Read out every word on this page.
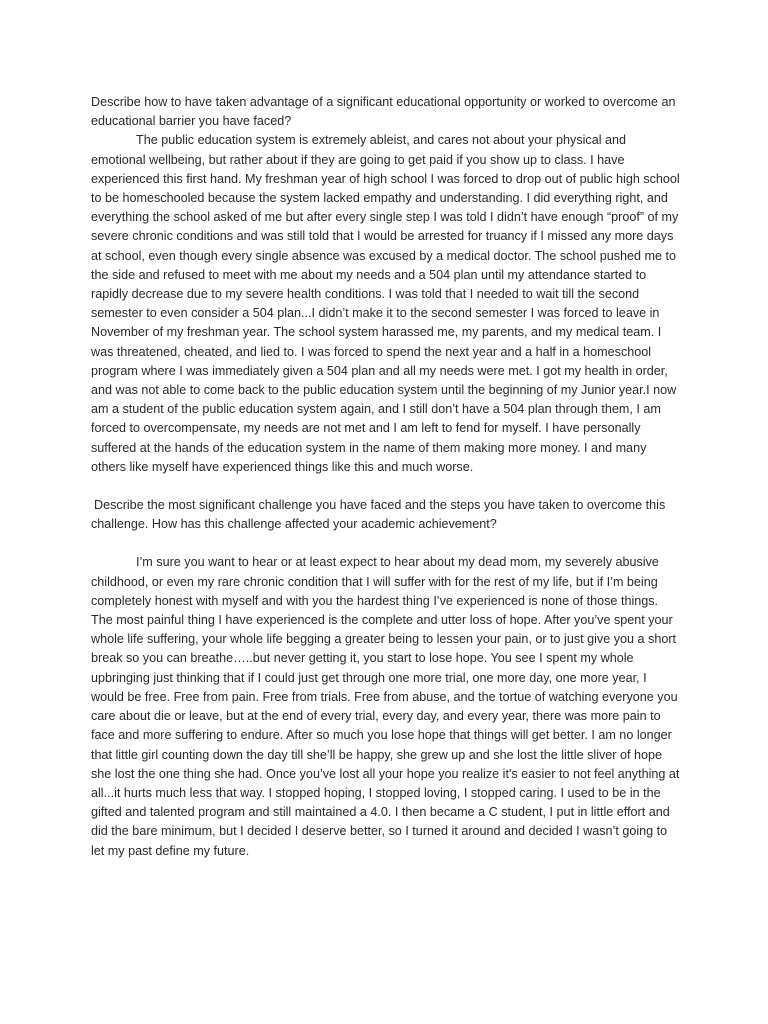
Describe how to have taken advantage of a significant educational opportunity or worked to overcome an educational barrier you have faced?

The public education system is extremely ableist, and cares not about your physical and emotional wellbeing, but rather about if they are going to get paid if you show up to class. I have experienced this first hand. My freshman year of high school I was forced to drop out of public high school to be homeschooled because the system lacked empathy and understanding. I did everything right, and everything the school asked of me but after every single step I was told I didn’t have enough “proof” of my severe chronic conditions and was still told that I would be arrested for truancy if I missed any more days at school, even though every single absence was excused by a medical doctor. The school pushed me to the side and refused to meet with me about my needs and a 504 plan until my attendance started to rapidly decrease due to my severe health conditions. I was told that I needed to wait till the second semester to even consider a 504 plan...I didn’t make it to the second semester I was forced to leave in November of my freshman year. The school system harassed me, my parents, and my medical team. I was threatened, cheated, and lied to. I was forced to spend the next year and a half in a homeschool program where I was immediately given a 504 plan and all my needs were met. I got my health in order, and was not able to come back to the public education system until the beginning of my Junior year.I now am a student of the public education system again, and I still don’t have a 504 plan through them, I am forced to overcompensate, my needs are not met and I am left to fend for myself. I have personally suffered at the hands of the education system in the name of them making more money. I and many others like myself have experienced things like this and much worse.

Describe the most significant challenge you have faced and the steps you have taken to overcome this challenge. How has this challenge affected your academic achievement?

I’m sure you want to hear or at least expect to hear about my dead mom, my severely abusive childhood, or even my rare chronic condition that I will suffer with for the rest of my life, but if I’m being completely honest with myself and with you the hardest thing I’ve experienced is none of those things. The most painful thing I have experienced is the complete and utter loss of hope. After you’ve spent your whole life suffering, your whole life begging a greater being to lessen your pain, or to just give you a short break so you can breathe…..but never getting it, you start to lose hope. You see I spent my whole upbringing just thinking that if I could just get through one more trial, one more day, one more year, I would be free. Free from pain. Free from trials. Free from abuse, and the tortue of watching everyone you care about die or leave, but at the end of every trial, every day, and every year, there was more pain to face and more suffering to endure. After so much you lose hope that things will get better. I am no longer that little girl counting down the day till she’ll be happy, she grew up and she lost the little sliver of hope she lost the one thing she had. Once you’ve lost all your hope you realize it's easier to not feel anything at all...it hurts much less that way. I stopped hoping, I stopped loving, I stopped caring. I used to be in the gifted and talented program and still maintained a 4.0. I then became a C student, I put in little effort and did the bare minimum, but I decided I deserve better, so I turned it around and decided I wasn’t going to let my past define my future.
